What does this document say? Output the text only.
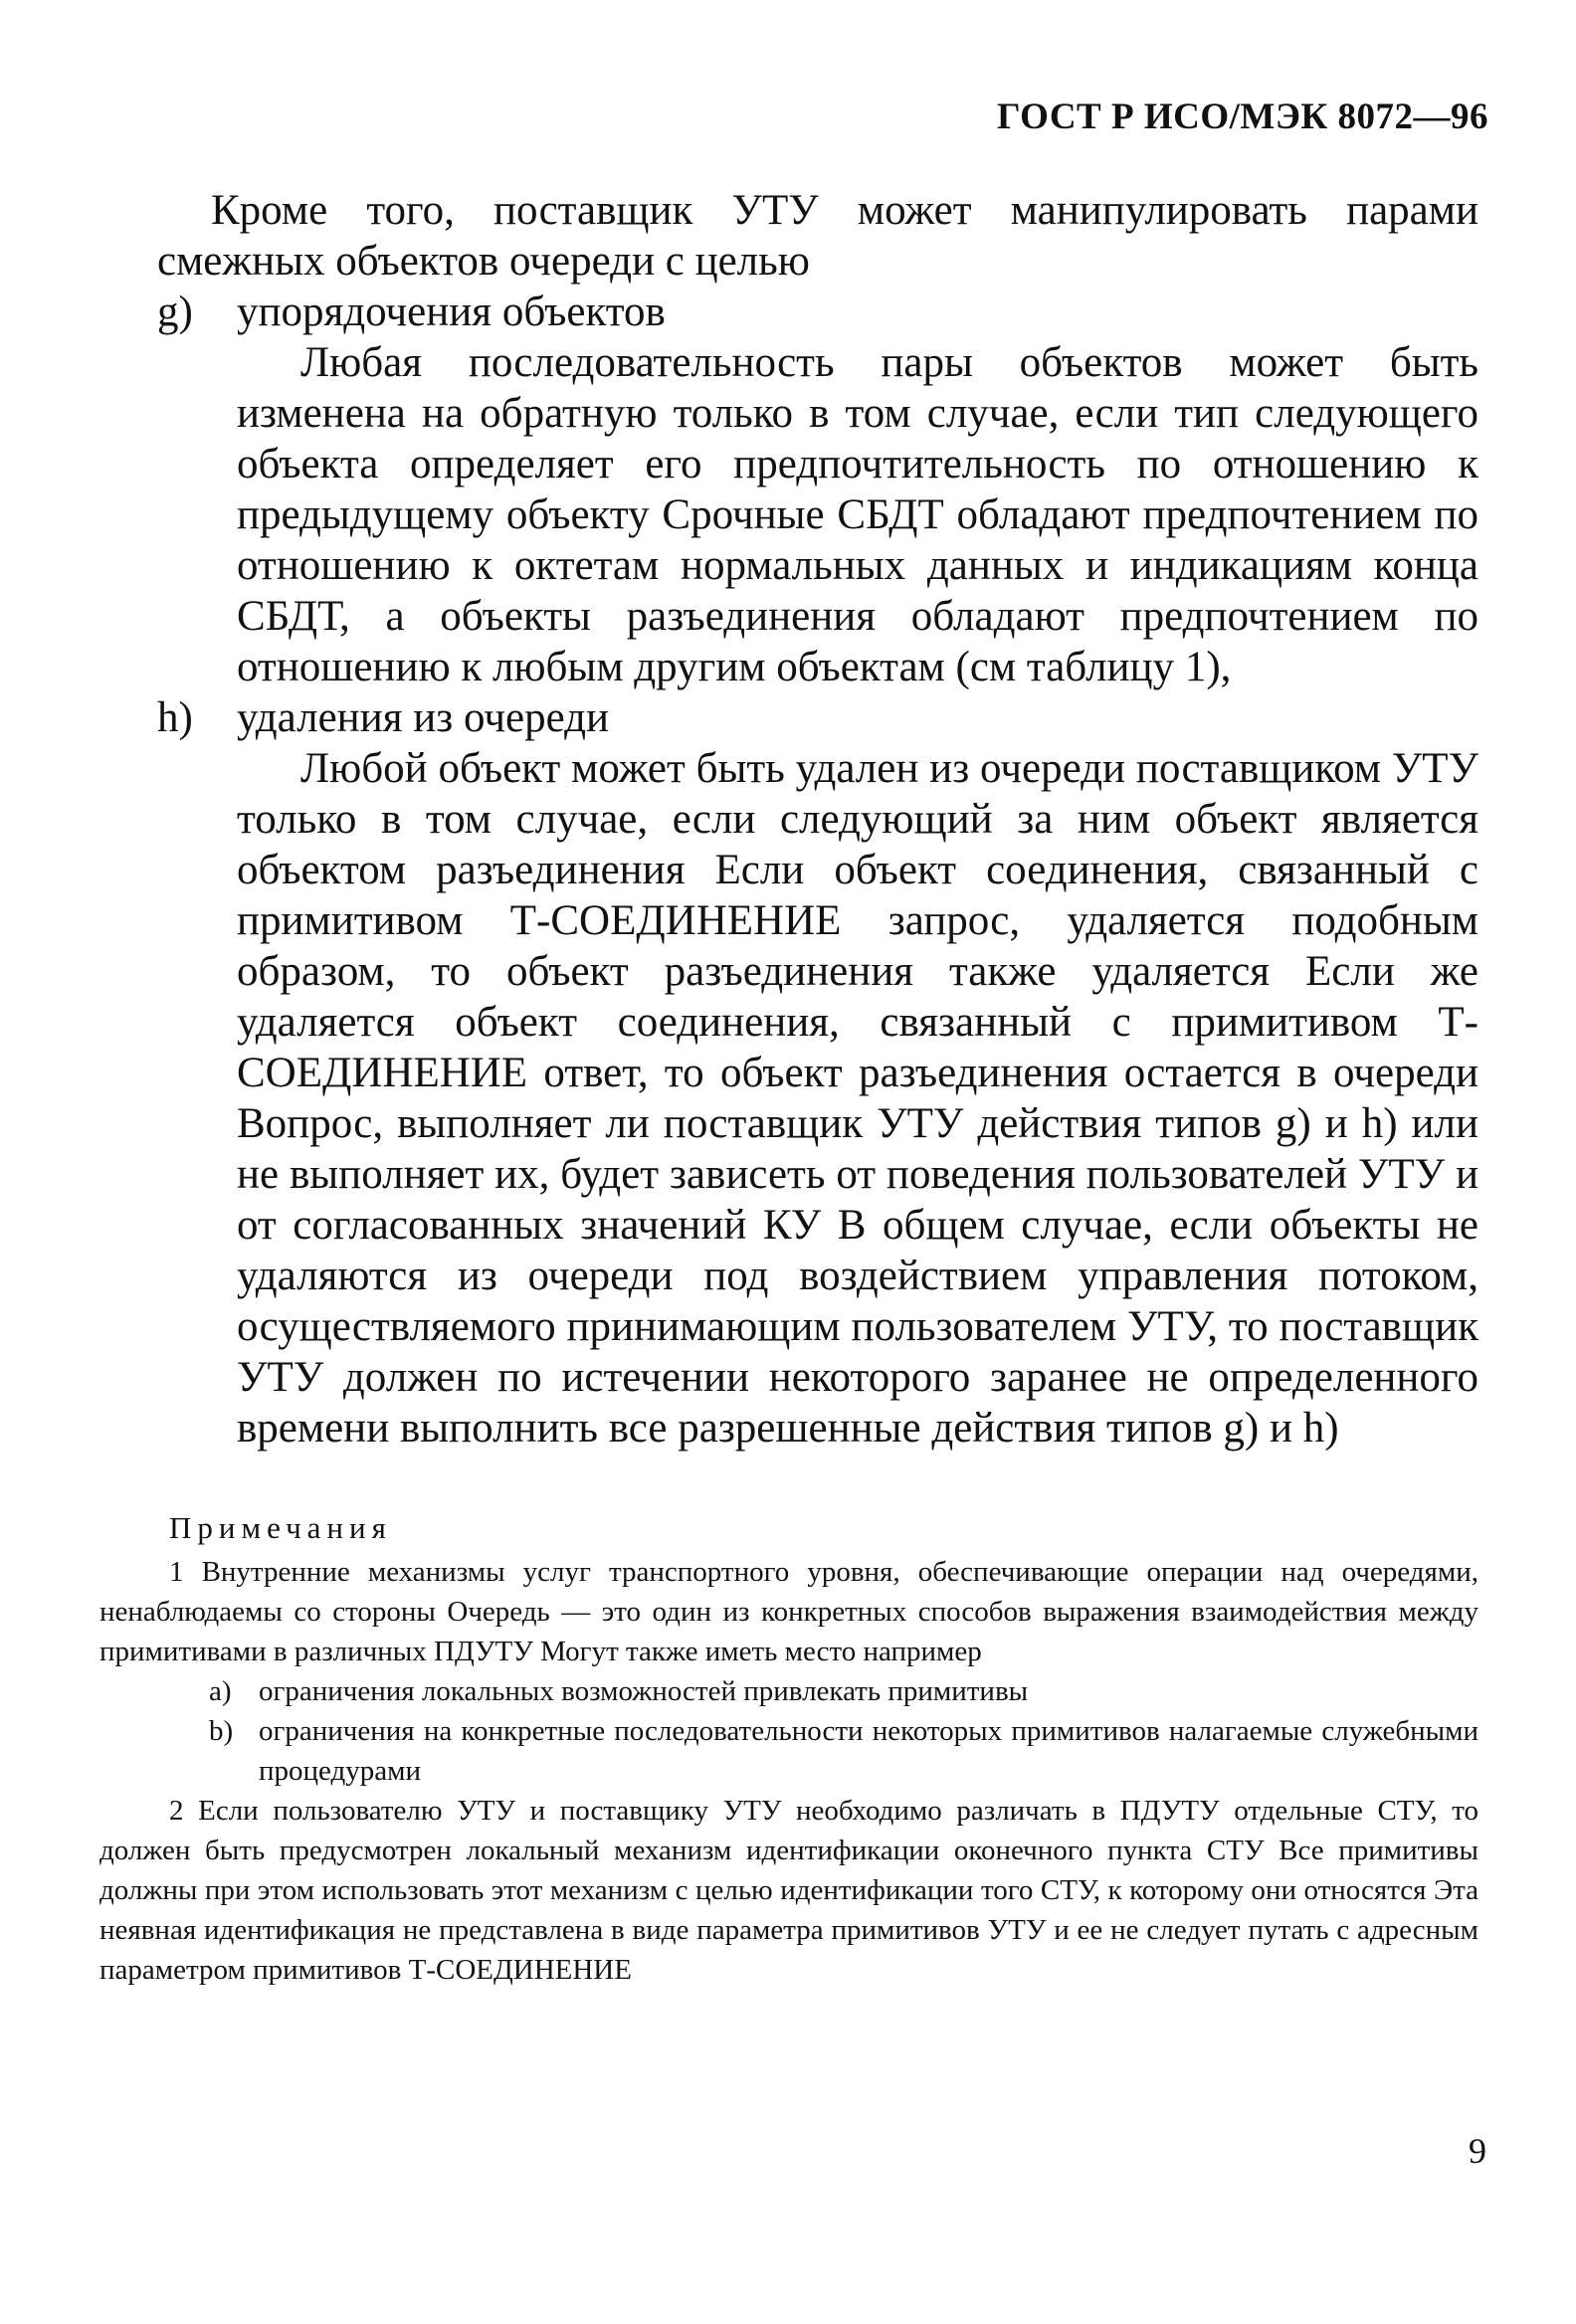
ГОСТ Р ИСО/МЭК 8072—96

Кроме того, поставщик УТУ может манипулировать парами смежных объектов очереди с целью

g) упорядочения объектов

Любая последовательность пары объектов может быть изменена на обратную только в том случае, если тип следующего объекта определяет его предпочтительность по отношению к предыдущему объекту Срочные СБДТ обладают предпочтением по отношению к октетам нормальных данных и индикациям конца СБДТ, а объекты разъединения обладают предпочтением по отношению к любым другим объектам (см таблицу 1),

h) удаления из очереди

Любой объект может быть удален из очереди поставщиком УТУ только в том случае, если следующий за ним объект является объектом разъединения Если объект соединения, связанный с примитивом Т-СОЕДИНЕНИЕ запрос, удаляется подобным образом, то объект разъединения также удаляется Если же удаляется объект соединения, связанный с примитивом Т-СОЕДИНЕНИЕ ответ, то объект разъединения остается в очереди Вопрос, выполняет ли поставщик УТУ действия типов g) и h) или не выполняет их, будет зависеть от поведения пользователей УТУ и от согласованных значений КУ В общем случае, если объекты не удаляются из очереди под воздействием управления потоком, осуществляемого принимающим пользователем УТУ, то поставщик УТУ должен по истечении некоторого заранее не определенного времени выполнить все разрешенные действия типов g) и h)

Примечания

1 Внутренние механизмы услуг транспортного уровня, обеспечивающие операции над очередями, ненаблюдаемы со стороны Очередь — это один из конкретных способов выражения взаимодействия между примитивами в различных ПДУТУ Могут также иметь место например

a) ограничения локальных возможностей привлекать примитивы

b) ограничения на конкретные последовательности некоторых примитивов налагаемые служебными процедурами

2 Если пользователю УТУ и поставщику УТУ необходимо различать в ПДУТУ отдельные СТУ, то должен быть предусмотрен локальный механизм идентификации оконечного пункта СТУ Все примитивы должны при этом использовать этот механизм с целью идентификации того СТУ, к которому они относятся Эта неявная идентификация не представлена в виде параметра примитивов УТУ и ее не следует путать с адресным параметром примитивов Т-СОЕДИНЕНИЕ

9
